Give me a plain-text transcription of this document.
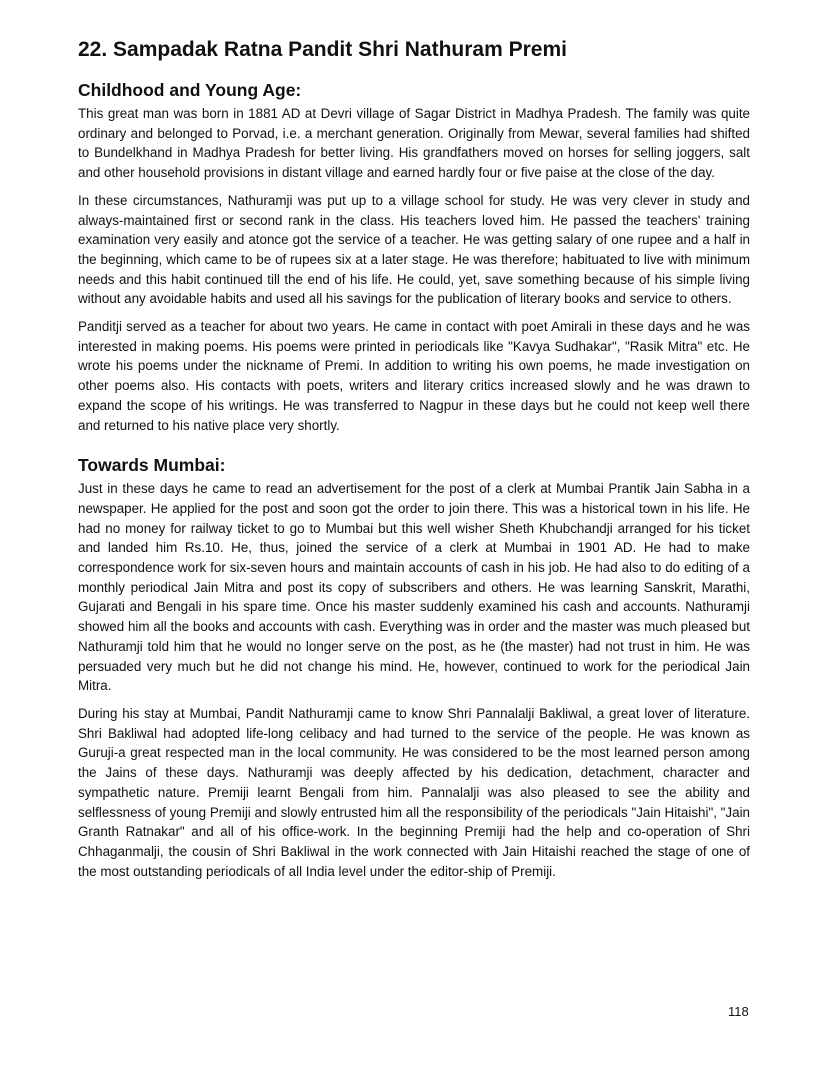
22. Sampadak Ratna Pandit Shri Nathuram Premi
Childhood and Young Age:

This great man was born in 1881 AD at Devri village of Sagar District in Madhya Pradesh. The family was quite ordinary and belonged to Porvad, i.e. a merchant generation. Originally from Mewar, several families had shifted to Bundelkhand in Madhya Pradesh for better living. His grandfathers moved on horses for selling joggers, salt and other household provisions in distant village and earned hardly four or five paise at the close of the day.

In these circumstances, Nathuramji was put up to a village school for study. He was very clever in study and always-maintained first or second rank in the class. His teachers loved him. He passed the teachers' training examination very easily and atonce got the service of a teacher. He was getting salary of one rupee and a half in the beginning, which came to be of rupees six at a later stage. He was therefore; habituated to live with minimum needs and this habit continued till the end of his life. He could, yet, save something because of his simple living without any avoidable habits and used all his savings for the publication of literary books and service to others.

Panditji served as a teacher for about two years. He came in contact with poet Amirali in these days and he was interested in making poems. His poems were printed in periodicals like "Kavya Sudhakar", "Rasik Mitra" etc. He wrote his poems under the nickname of Premi. In addition to writing his own poems, he made investigation on other poems also. His contacts with poets, writers and literary critics increased slowly and he was drawn to expand the scope of his writings. He was transferred to Nagpur in these days but he could not keep well there and returned to his native place very shortly.

Towards Mumbai:

Just in these days he came to read an advertisement for the post of a clerk at Mumbai Prantik Jain Sabha in a newspaper. He applied for the post and soon got the order to join there. This was a historical town in his life. He had no money for railway ticket to go to Mumbai but this well wisher Sheth Khubchandji arranged for his ticket and landed him Rs.10. He, thus, joined the service of a clerk at Mumbai in 1901 AD. He had to make correspondence work for six-seven hours and maintain accounts of cash in his job. He had also to do editing of a monthly periodical Jain Mitra and post its copy of subscribers and others. He was learning Sanskrit, Marathi, Gujarati and Bengali in his spare time. Once his master suddenly examined his cash and accounts. Nathuramji showed him all the books and accounts with cash. Everything was in order and the master was much pleased but Nathuramji told him that he would no longer serve on the post, as he (the master) had not trust in him. He was persuaded very much but he did not change his mind. He, however, continued to work for the periodical Jain Mitra.

During his stay at Mumbai, Pandit Nathuramji came to know Shri Pannalalji Bakliwal, a great lover of literature. Shri Bakliwal had adopted life-long celibacy and had turned to the service of the people. He was known as Guruji-a great respected man in the local community. He was considered to be the most learned person among the Jains of these days. Nathuramji was deeply affected by his dedication, detachment, character and sympathetic nature. Premiji learnt Bengali from him. Pannalalji was also pleased to see the ability and selflessness of young Premiji and slowly entrusted him all the responsibility of the periodicals "Jain Hitaishi", "Jain Granth Ratnakar" and all of his office-work. In the beginning Premiji had the help and co-operation of Shri Chhaganmalji, the cousin of Shri Bakliwal in the work connected with Jain Hitaishi reached the stage of one of the most outstanding periodicals of all India level under the editor-ship of Premiji.

118
